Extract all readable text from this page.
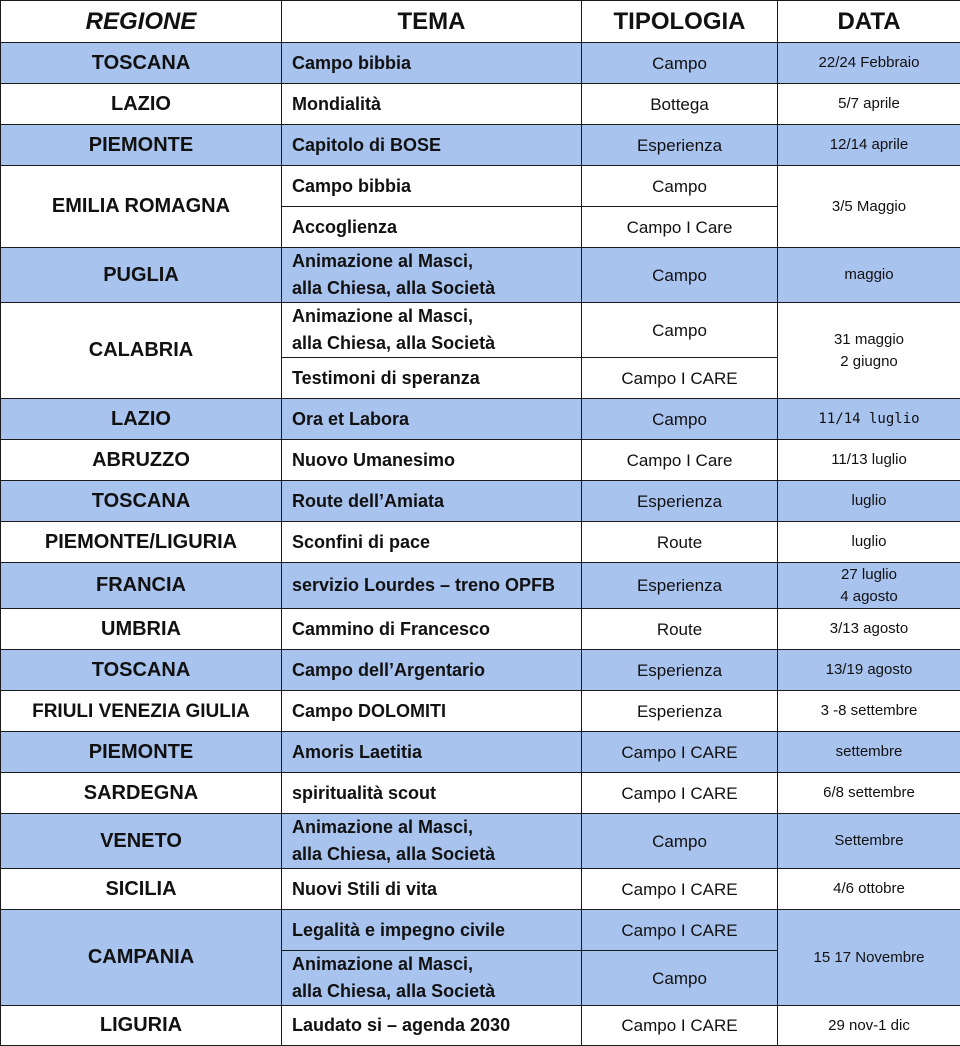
REGIONE	TEMA	TIPOLOGIA	DATA
TOSCANA	Campo bibbia	Campo	22/24 Febbraio
LAZIO	Mondialità	Bottega	5/7 aprile
PIEMONTE	Capitolo di BOSE	Esperienza	12/14 aprile
EMILIA ROMAGNA	Campo bibbia	Campo	3/5 Maggio
	Accoglienza	Campo I Care	
PUGLIA	Animazione al Masci,
alla Chiesa, alla Società	Campo	maggio
CALABRIA	Animazione al Masci,
alla Chiesa, alla Società	Campo	31 maggio
2 giugno

	Testimoni di speranza	Campo I CARE	
LAZIO	Ora et Labora	Campo	11/14 luglio
ABRUZZO	Nuovo Umanesimo	Campo I Care	11/13 luglio
TOSCANA	Route dell’Amiata	Esperienza	luglio
PIEMONTE/LIGURIA	Sconfini di pace	Route	luglio
FRANCIA	servizio Lourdes – treno OPFB	Esperienza	27 luglio
4 agosto

UMBRIA	Cammino di Francesco	Route	3/13 agosto
TOSCANA	Campo dell’Argentario	Esperienza	13/19 agosto
FRIULI VENEZIA GIULIA	Campo DOLOMITI	Esperienza	3 -8 settembre
PIEMONTE	Amoris Laetitia	Campo I CARE	settembre
SARDEGNA	spiritualità scout	Campo I CARE	6/8 settembre
VENETO	Animazione al Masci,
alla Chiesa, alla Società	Campo	Settembre
SICILIA	Nuovi Stili di vita	Campo I CARE	4/6 ottobre
CAMPANIA	Legalità e impegno civile	Campo I CARE	15 17 Novembre

	Animazione al Masci,
alla Chiesa, alla Società	Campo	
LIGURIA	Laudato si – agenda 2030	Campo I CARE	29 nov-1 dic
